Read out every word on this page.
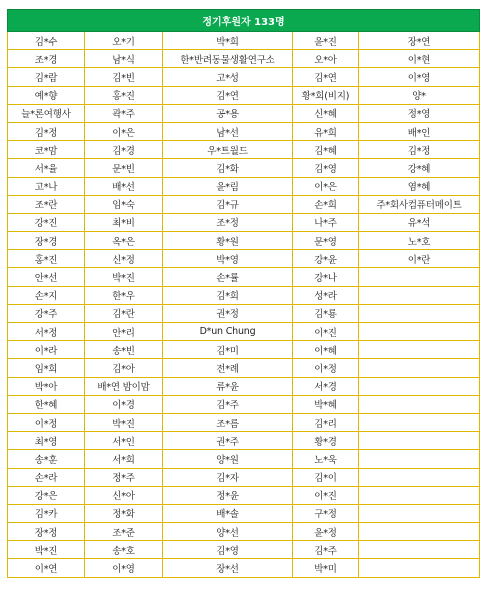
정기후원자 133명				
김*수	오*기	박*희	윤*진	장*연
조*경	남*식	한*반려동물생활연구소	오*아	이*현
김*람	김*빈	고*성	김*연	이*영
예*향	홍*진	김*연	황*희(비지)	양*
늘*론여행사	곽*주	공*용	신*혜	정*영
김*정	이*은	남*선	유*희	배*인
코*맘	김*경	우*트월드	김*혜	김*정
서*율	문*빈	김*화	김*영	강*혜
고*나	배*선	윤*림	이*은	염*혜
조*란	임*숙	김*규	손*희	주*회사컴퓨터메이트
강*진	최*비	조*정	나*주	유*석
장*경	옥*은	황*원	문*영	노*호
홍*진	신*정	박*영	강*윤	이*란
안*선	박*진	손*률	강*나	
손*지	한*우	김*희	성*라	
강*주	김*란	권*정	김*룡	
서*정	안*리	D*un Chung	이*진	
이*라	송*빈	김*미	이*혜	
임*희	김*아	전*례	이*정	
박*아	배*연 밤이맘	류*윤	서*경	
한*혜	이*경	김*주	박*혜	
이*정	박*진	조*름	김*리	
최*영	서*인	권*주	황*경	
송*훈	서*희	양*원	노*욱	
손*라	정*주	김*자	김*이	
강*은	신*아	정*윤	이*진	
김*카	정*화	배*솔	구*정	
장*정	조*준	양*선	윤*정	
박*진	송*호	김*영	김*주	
이*연	이*영	장*선	박*미	
